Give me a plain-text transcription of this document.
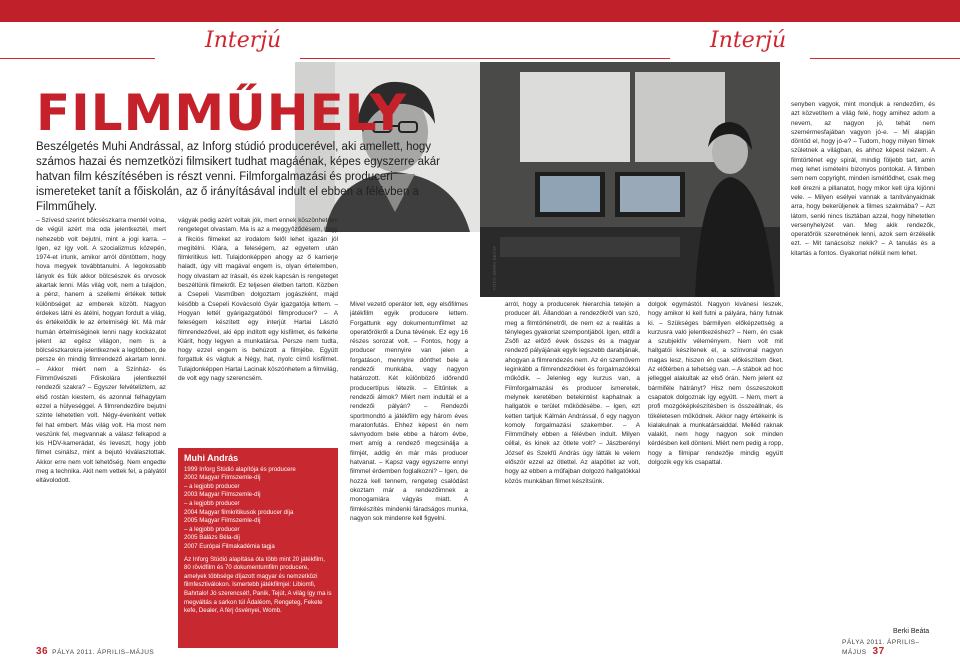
Interjú
FILMMŰHELY
Beszélgetés Muhi Andrással, az Inforg stúdió producerével, aki amellett, hogy számos hazai és nemzetközi filmsikert tudhat magáénak, képes egyszerre akár hatvan film készítésében is részt venni. Filmforgalmazási és produceri ismereteket tanít a főiskolán, az ő irányításával indult el ebben a félévben a Filmműhely.

– Szívesd szerint bölcsészkarra mentél volna, de végül azért ma oda jelentkeztél, mert nehezebb volt bejutni, mint a jogi karra. – Igen, ez így volt. A szocializmus közepén, 1974-et írtunk, amikor arról döntöttem, hogy hova megyek továbbtanulni. A legokosabb lányok és fiúk akkor bölcsészek és orvosok akartak lenni. Más világ volt, nem a tulajdon, a pénz, hanem a szellemi értékek tettek különbséget az emberek között. Nagyon érdekes látni és átélni, hogyan fordult a világ, és értékelődik le az értelmiségi lét. Má már humán értelmiséginek lenni nagy kockázatot jelent az egész világon, nem is a bölcsészkarokra jelentkeznek a legtöbben, de persze én mindig filmrendező akartam lenni. – Akkor miért nem a Színház- és Filmművészeti Főiskolára jelentkeztél rendezői szakra? – Egyszer felvételiztem, az első rostán kiestem, és azonnal felhagytam ezzel a hülyeséggel. A filmrendezőire bejutni szinte lehetetlen volt. Négy-évenként vettek fel hat embert. Más világ volt. Ha most nem veszünk fel, megvannak a válasz felkapod a kis HDV-kamerádat, és leveszt, hogy jobb filmet csinálsz, mint a bejutó kiválasztottak. Akkor erre nem volt lehetőség. Nem engedte meg a technika. Akit nem vettek fel, a pályától eltávolodott.

vágyak pedig azért voltak jók, mert ennek köszönhetően rengeteget olvastam. Ma is az a meggyőződésem, hogy a fikciós filmeket az irodalom felől lehet igazán jól megítélni. Klára, a feleségem, az egyetem után filmkritikus lett. Tulajdonképpen ahogy az ő karrierje haladt, úgy vitt magával engem is, olyan értelemben, hogy olvastam az írásait, és ezek kapcsán is rengeteget beszéltünk filmekről. Ez teljesen életben tartott. Közben a Csepeli Vasműben dolgoztam jogászként, majd később a Csepeli Kovácsoló Gyár igazgatója lettem. – Hogyan lettél gyárigazgatóból filmproducer? – A feleségem készített egy interjút Hartai László filmrendezővel, aki épp indított egy kisfilmet, és felkérte Klárit, hogy legyen a munkatársa. Persze nem tudta, hogy ezzel engem is behúzott a filmjébe. Együtt forgattuk és vágtuk a Négy, hat, nyolc című kisfilmet. Tulajdonképpen Hartai Lacinak köszönhetem a filmvilág, de volt egy nagy szerencsém.

Mivel vezető operátor lett, egy elsőfilmes játékfilm egyik producere lettem. Forgattunk egy dokumentumfilmet az operatőrökről a Duna tévének. Ez egy 16 részes sorozat volt. – Fontos, hogy a producer mennyire van jelen a forgatáson, mennyire dönthet bele a rendezői munkába, vagy nagyon határozott. Két különböző időrendű producertípus létezik. – Eltűntek a rendezői álmok? Miért nem indultál el a rendezői pályán? – Rendezői sportmondtó a játékfilm egy három éves maratonfutás. Ehhez képest én nem sávnyodom bele ebbe a három évbe, mert amíg a rendező megcsinálja a filmjét, addig én már más producer hatvanat. – Kapsz vagy egyszerre ennyi filmmel érdemben foglalkozni? – Igen, de hozzá kell tennem, rengeteg csalódást okoztam már a rendezőimnek a monogamiára vágyás miatt. A filmkészítés mindenki fáradságos munka, nagyon sok mindenre kell figyelni.

Muhi András
1999 Inforg Stúdió alapítója és producere
2002 Magyar Filmszemle-díj
– a legjobb producer
2003 Magyar Filmszemle-díj
– a legjobb producer
2004 Magyar filmkritikusok producer díja
2005 Magyar Filmszemle-díj
– a legjobb producer
2005 Balázs Béla-díj
2007 Európai Filmakadémia tagja
Az Inforg Stúdió alapítása óta több mint 20 játékfilm, 80 rövidfilm és 70 dokumentumfilm producere, amelyek többsége díjazott magyar és nemzetközi filmfesztiválokon. Ismertebb játékfilmjei: Libiomfi, Bahrtalo! Jó szerencsét!, Paník, Tejút, A világ így ma is megváltás a sarkon túl Ádaléom, Rengeteg, Fekete kefe, Dealer, A férj ösvényei, Womb.
36 PÁLYA 2011. ÁPRILIS–MÁJUS
Interjú
FOTÓ: BERKI BEÁTA

arról, hogy a producerek hierarchia tetején a producer áll. Állandóan a rendezőkről van szó, meg a filmtörténetről, de nem ez a realitás a tényleges gyakorlat szempontjából. Igen, ettől a Zsőfi az előző évek összes és a magyar rendező pályájának egyik legszebb darabjának, ahogyan a filmrendezés nem. Az én szeművem leginkább a filmrendezőkkel és forgalmazókkal működik. – Jelenleg egy kurzus van, a Filmforgalmazási és producer ismeretek, melynek keretében betekintést kaphatnak a hallgatók e terület működésébe. – Igen, ezt ketten tartjuk Kálmán Andrással, ő egy nagyon komoly forgalmazási szakember. – A Filmműhely ebben a félévben indult. Milyen céllal, és kinek az ötlete volt? – Jászberényi József és Szekfű András úgy látták le velem először ezzel az ötlettel. Az alapötlet az volt, hogy az ebben a műfajban dolgozó hallgatókkal közös munkában filmet készítsünk.

dolgok egymástól. Nagyon kivánesi leszek, hogy amikor ki kell futni a pályára, hány futnak ki. – Szükséges bármilyen előképzettség a kurzusra való jelentkezéshez? – Nem, én csak a szubjektív véleményem. Nem volt mit hallgatói készítenek el, a színvonal nagyon magas lesz, hiszen én csak előkészítem őket. Az előtérben a tehetség van. – A stábok ad hoc jelleggel alakultak az első órán. Nem jelent ez bármiféle hátrányt? Hisz nem összeszokott csapatok dolgoznak így együtt. – Nem, mert a profi mozgóképkészítésben is összeállnak, és tökéletesen működnek. Akkor nagy értékeink is kialakulnak a munkatársaiddal. Melléd raknak valakit, nem hogy nagyon sok minden kérdésben kell dönteni. Miért nem pedig a ropp, hogy a filmipar rendezője mindig együtt dolgozik egy kis csapattal.

senyben vagyok, mint mondjuk a rendezőim, és azt közvetítem a világ felé, hogy amihez adom a nevem, az nagyon jó, tehát nem szemérmesfajában vagyon jó-e. – Mi alapján döntöd el, hogy jó-e? – Tudom, hogy milyen filmek születnek a világban, és ahhoz képest nézem. A filmtörténet egy spirál, mindig följebb tart, amin meg lehet ismételni bizonyos pontokat. A filmben sem nem copyright, minden ismétlődhet, csak meg kell érezni a pillanatot, hogy mikor kell újra kijönni vele. – Milyen esélyei vannak a tanítványaidnak arra, hogy bekerüljenek a filmes szakmába? – Azt látom, senki nincs tisztában azzal, hogy hihetetlen versenyhelyzet van. Meg akik rendezők, operatőrök szeretnének lenni, azok sem érzékelik ezt. – Mit tanácsolsz nekik? – A tanulás és a kitartás a fontos. Gyakorlat nélkül nem lehet.

Berki Beáta
PÁLYA 2011. ÁPRILIS–MÁJUS 37
